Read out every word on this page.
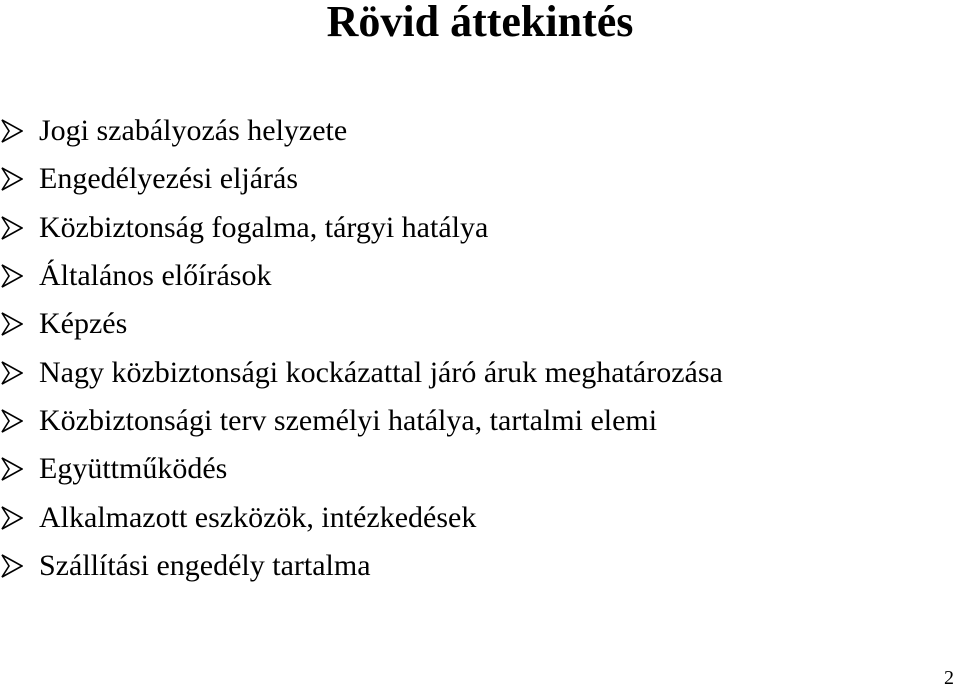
Rövid áttekintés
Jogi szabályozás helyzete
Engedélyezési eljárás
Közbiztonság fogalma, tárgyi hatálya
Általános előírások
Képzés
Nagy közbiztonsági kockázattal járó áruk meghatározása
Közbiztonsági terv személyi hatálya, tartalmi elemi
Együttműködés
Alkalmazott eszközök, intézkedések
Szállítási engedély tartalma
2
